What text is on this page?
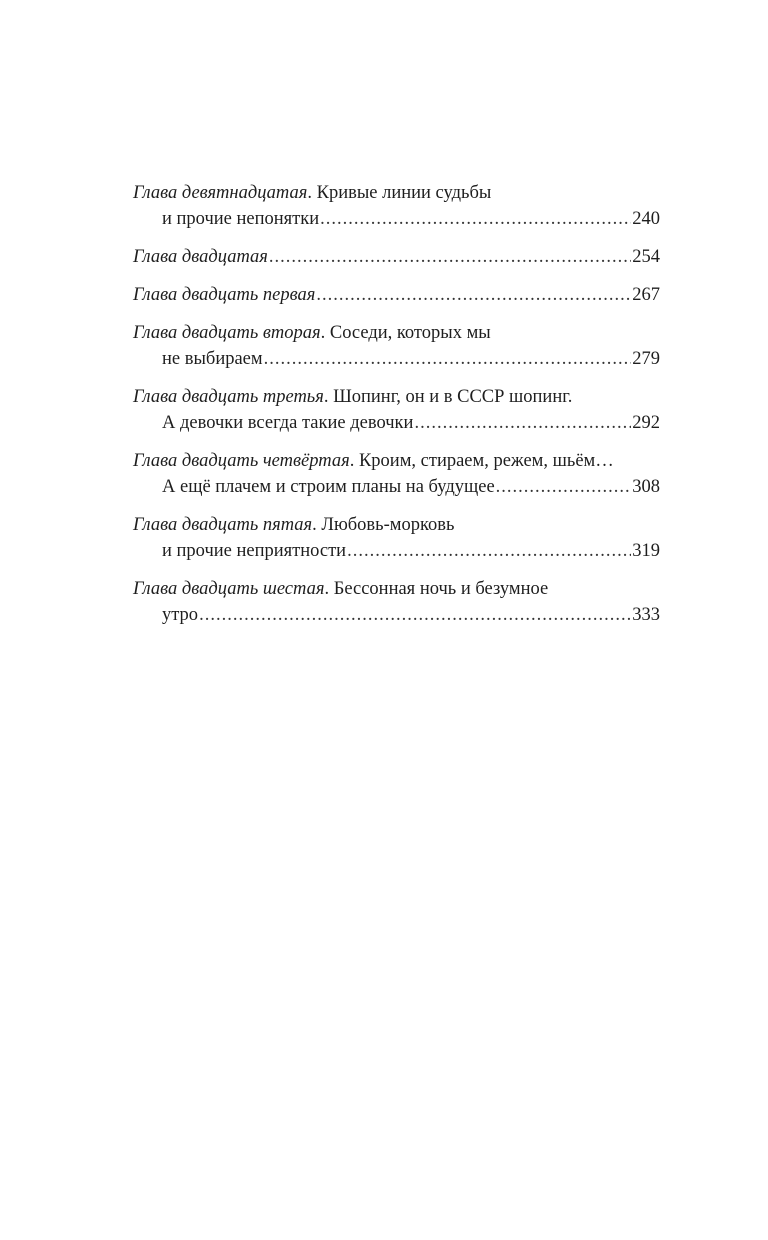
Глава девятнадцатая . Кривые линии судьбы
и прочие непонятки .....	240
Глава двадцатая .....	254
Глава двадцать первая .....	267
Глава двадцать вторая . Соседи, которых мы
не выбираем .....	279
Глава двадцать третья . Шопинг, он и в СССР шопинг.
А девочки всегда такие девочки .....	292
Глава двадцать четвёртая . Кроим, стираем, режем, шьём…
А ещё плачем и строим планы на будущее .....	308
Глава двадцать пятая . Любовь-морковь
и прочие неприятности .....	319
Глава двадцать шестая . Бессонная ночь и безумное
утро .....	333
